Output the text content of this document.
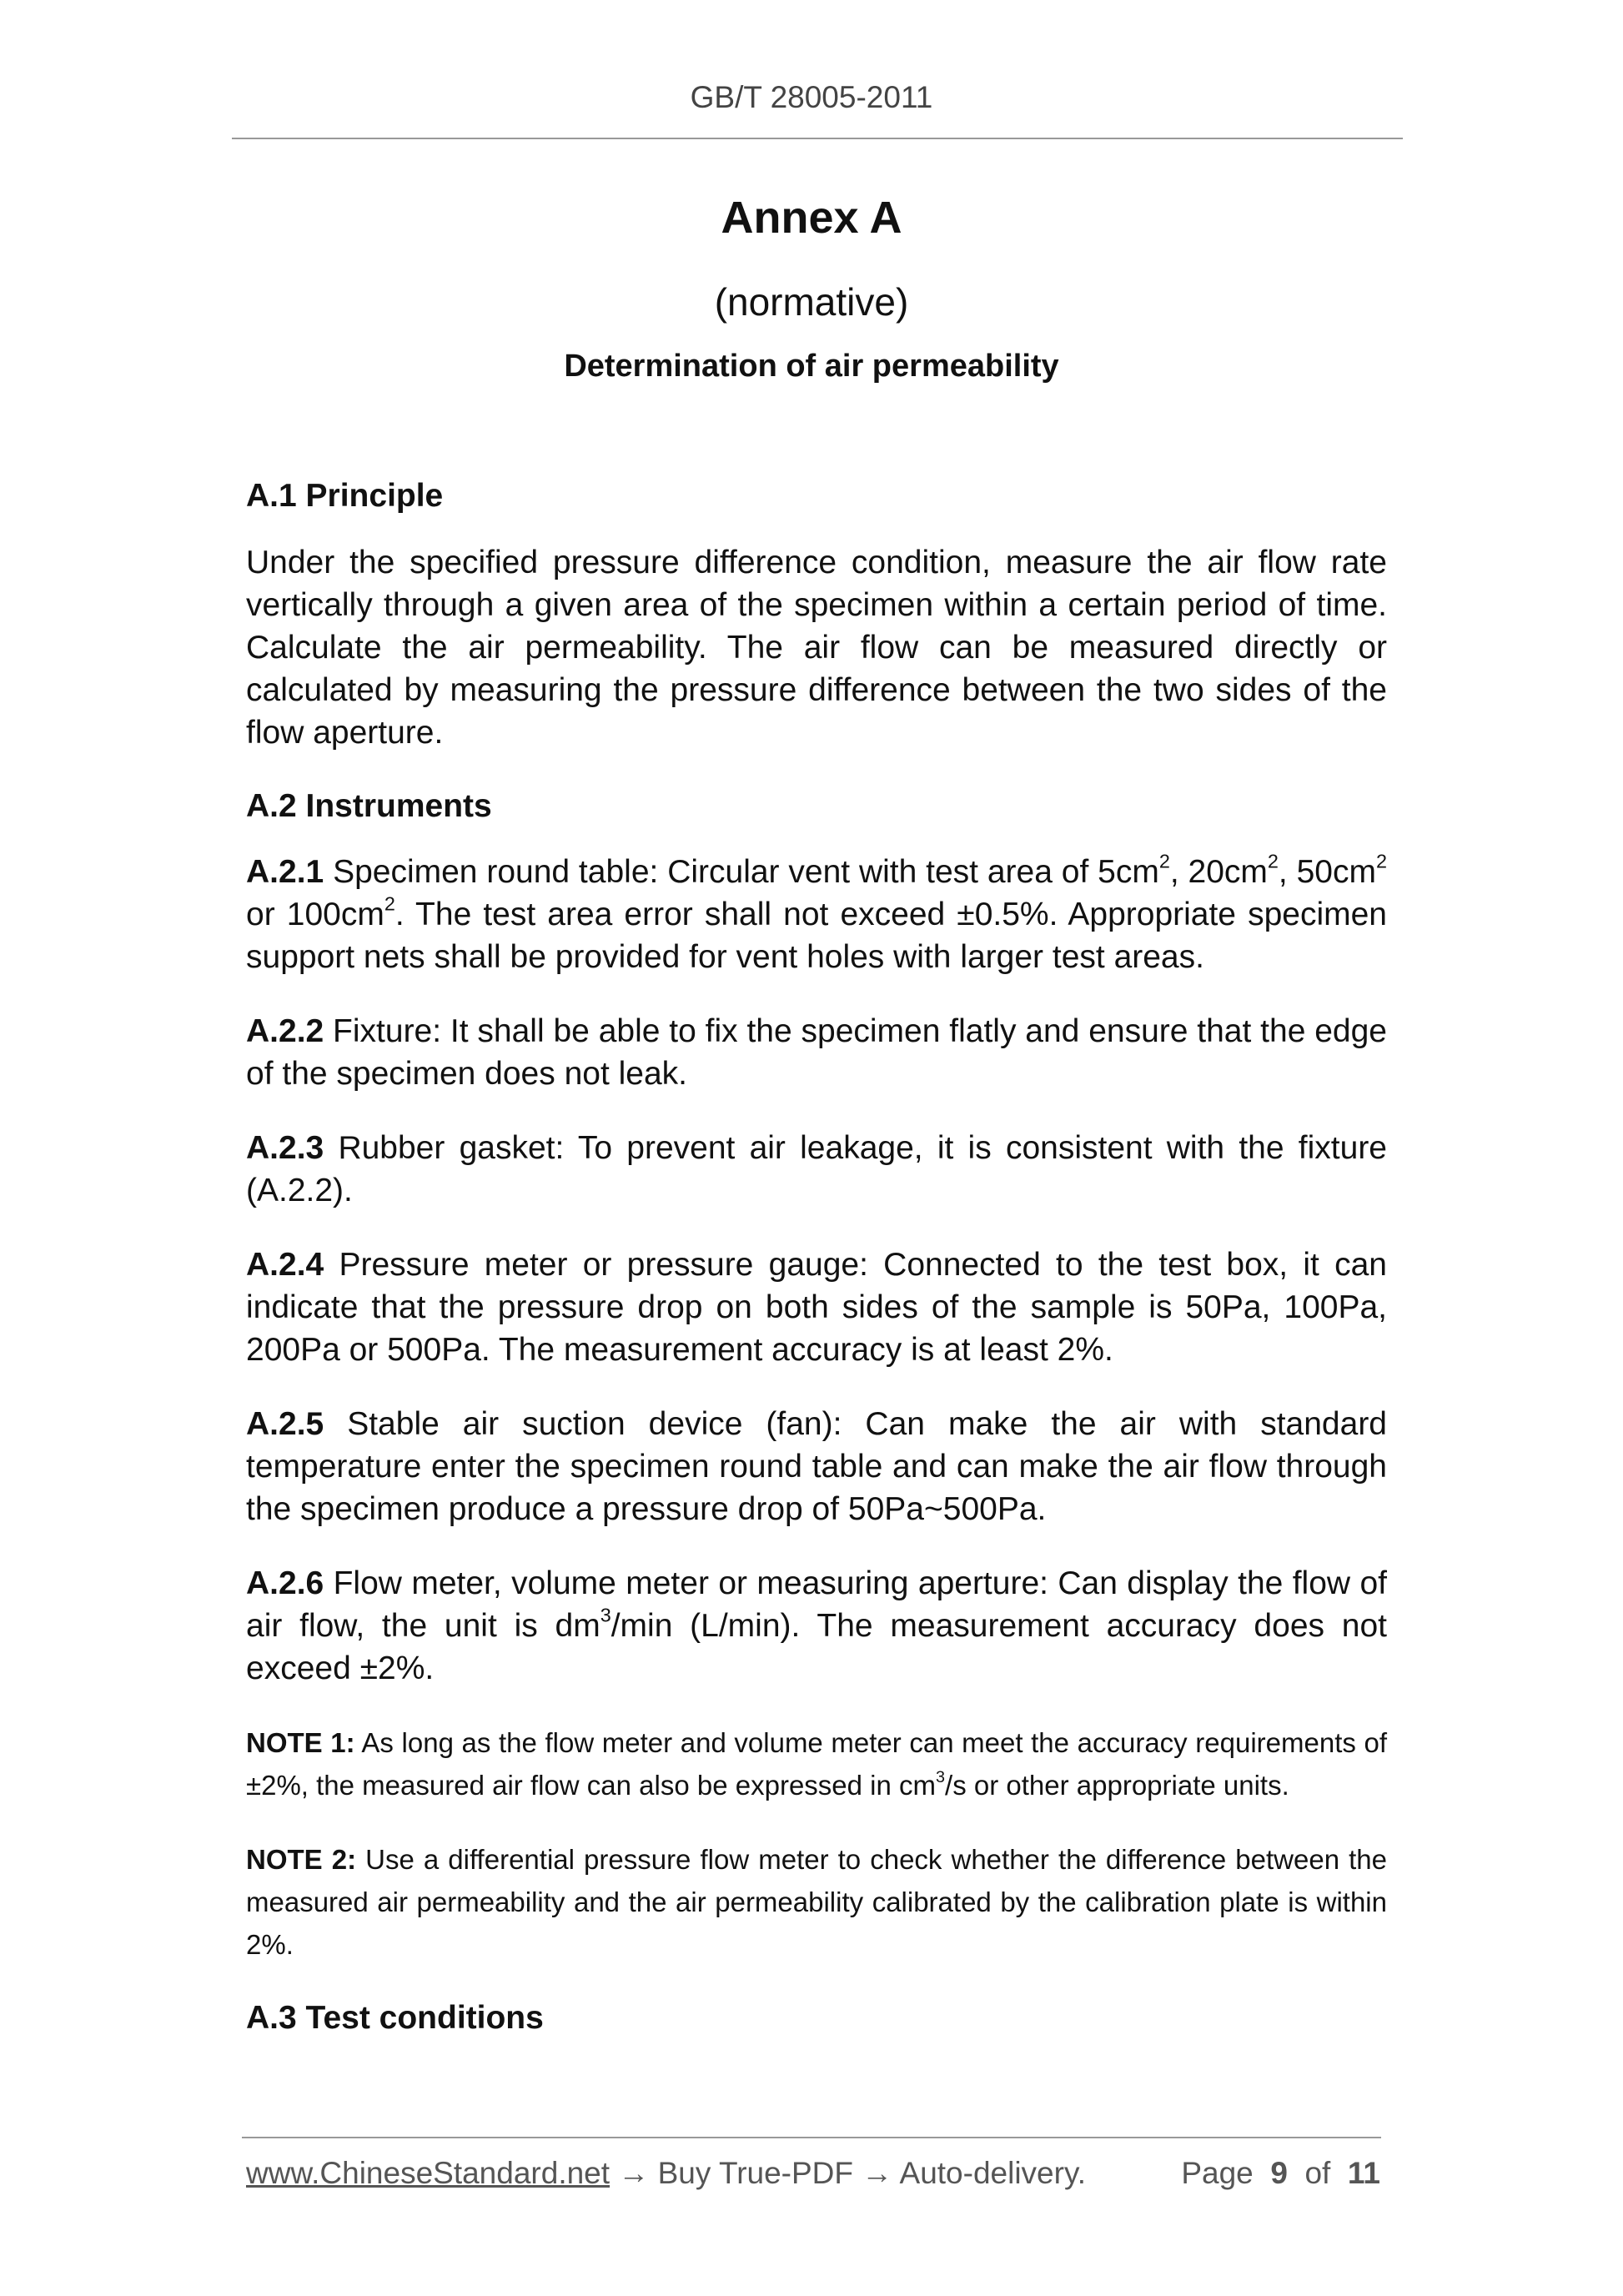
GB/T 28005-2011
Annex A
(normative)
Determination of air permeability
A.1 Principle

Under the specified pressure difference condition, measure the air flow rate vertically through a given area of the specimen within a certain period of time. Calculate the air permeability. The air flow can be measured directly or calculated by measuring the pressure difference between the two sides of the flow aperture.

A.2 Instruments

A.2.1 Specimen round table: Circular vent with test area of $5cm^2$, $20cm^2$, $50cm^2$ or $100cm^2$. The test area error shall not exceed ±0.5%. Appropriate specimen support nets shall be provided for vent holes with larger test areas.

A.2.2 Fixture: It shall be able to fix the specimen flatly and ensure that the edge of the specimen does not leak.

A.2.3 Rubber gasket: To prevent air leakage, it is consistent with the fixture (A.2.2).

A.2.4 Pressure meter or pressure gauge: Connected to the test box, it can indicate that the pressure drop on both sides of the sample is 50Pa, 100Pa, 200Pa or 500Pa. The measurement accuracy is at least 2%.

A.2.5 Stable air suction device (fan): Can make the air with standard temperature enter the specimen round table and can make the air flow through the specimen produce a pressure drop of 50Pa~500Pa.

A.2.6 Flow meter, volume meter or measuring aperture: Can display the flow of air flow, the unit is $dm^3/\min$ (L/min). The measurement accuracy does not exceed ±2%.

NOTE 1: As long as the flow meter and volume meter can meet the accuracy requirements of ±2%, the measured air flow can also be expressed in $cm^3/s$ or other appropriate units.

NOTE 2: Use a differential pressure flow meter to check whether the difference between the measured air permeability and the air permeability calibrated by the calibration plate is within 2%.

A.3 Test conditions
www.ChineseStandard.net → Buy True-PDF → Auto-delivery.	Page 9 of 11
